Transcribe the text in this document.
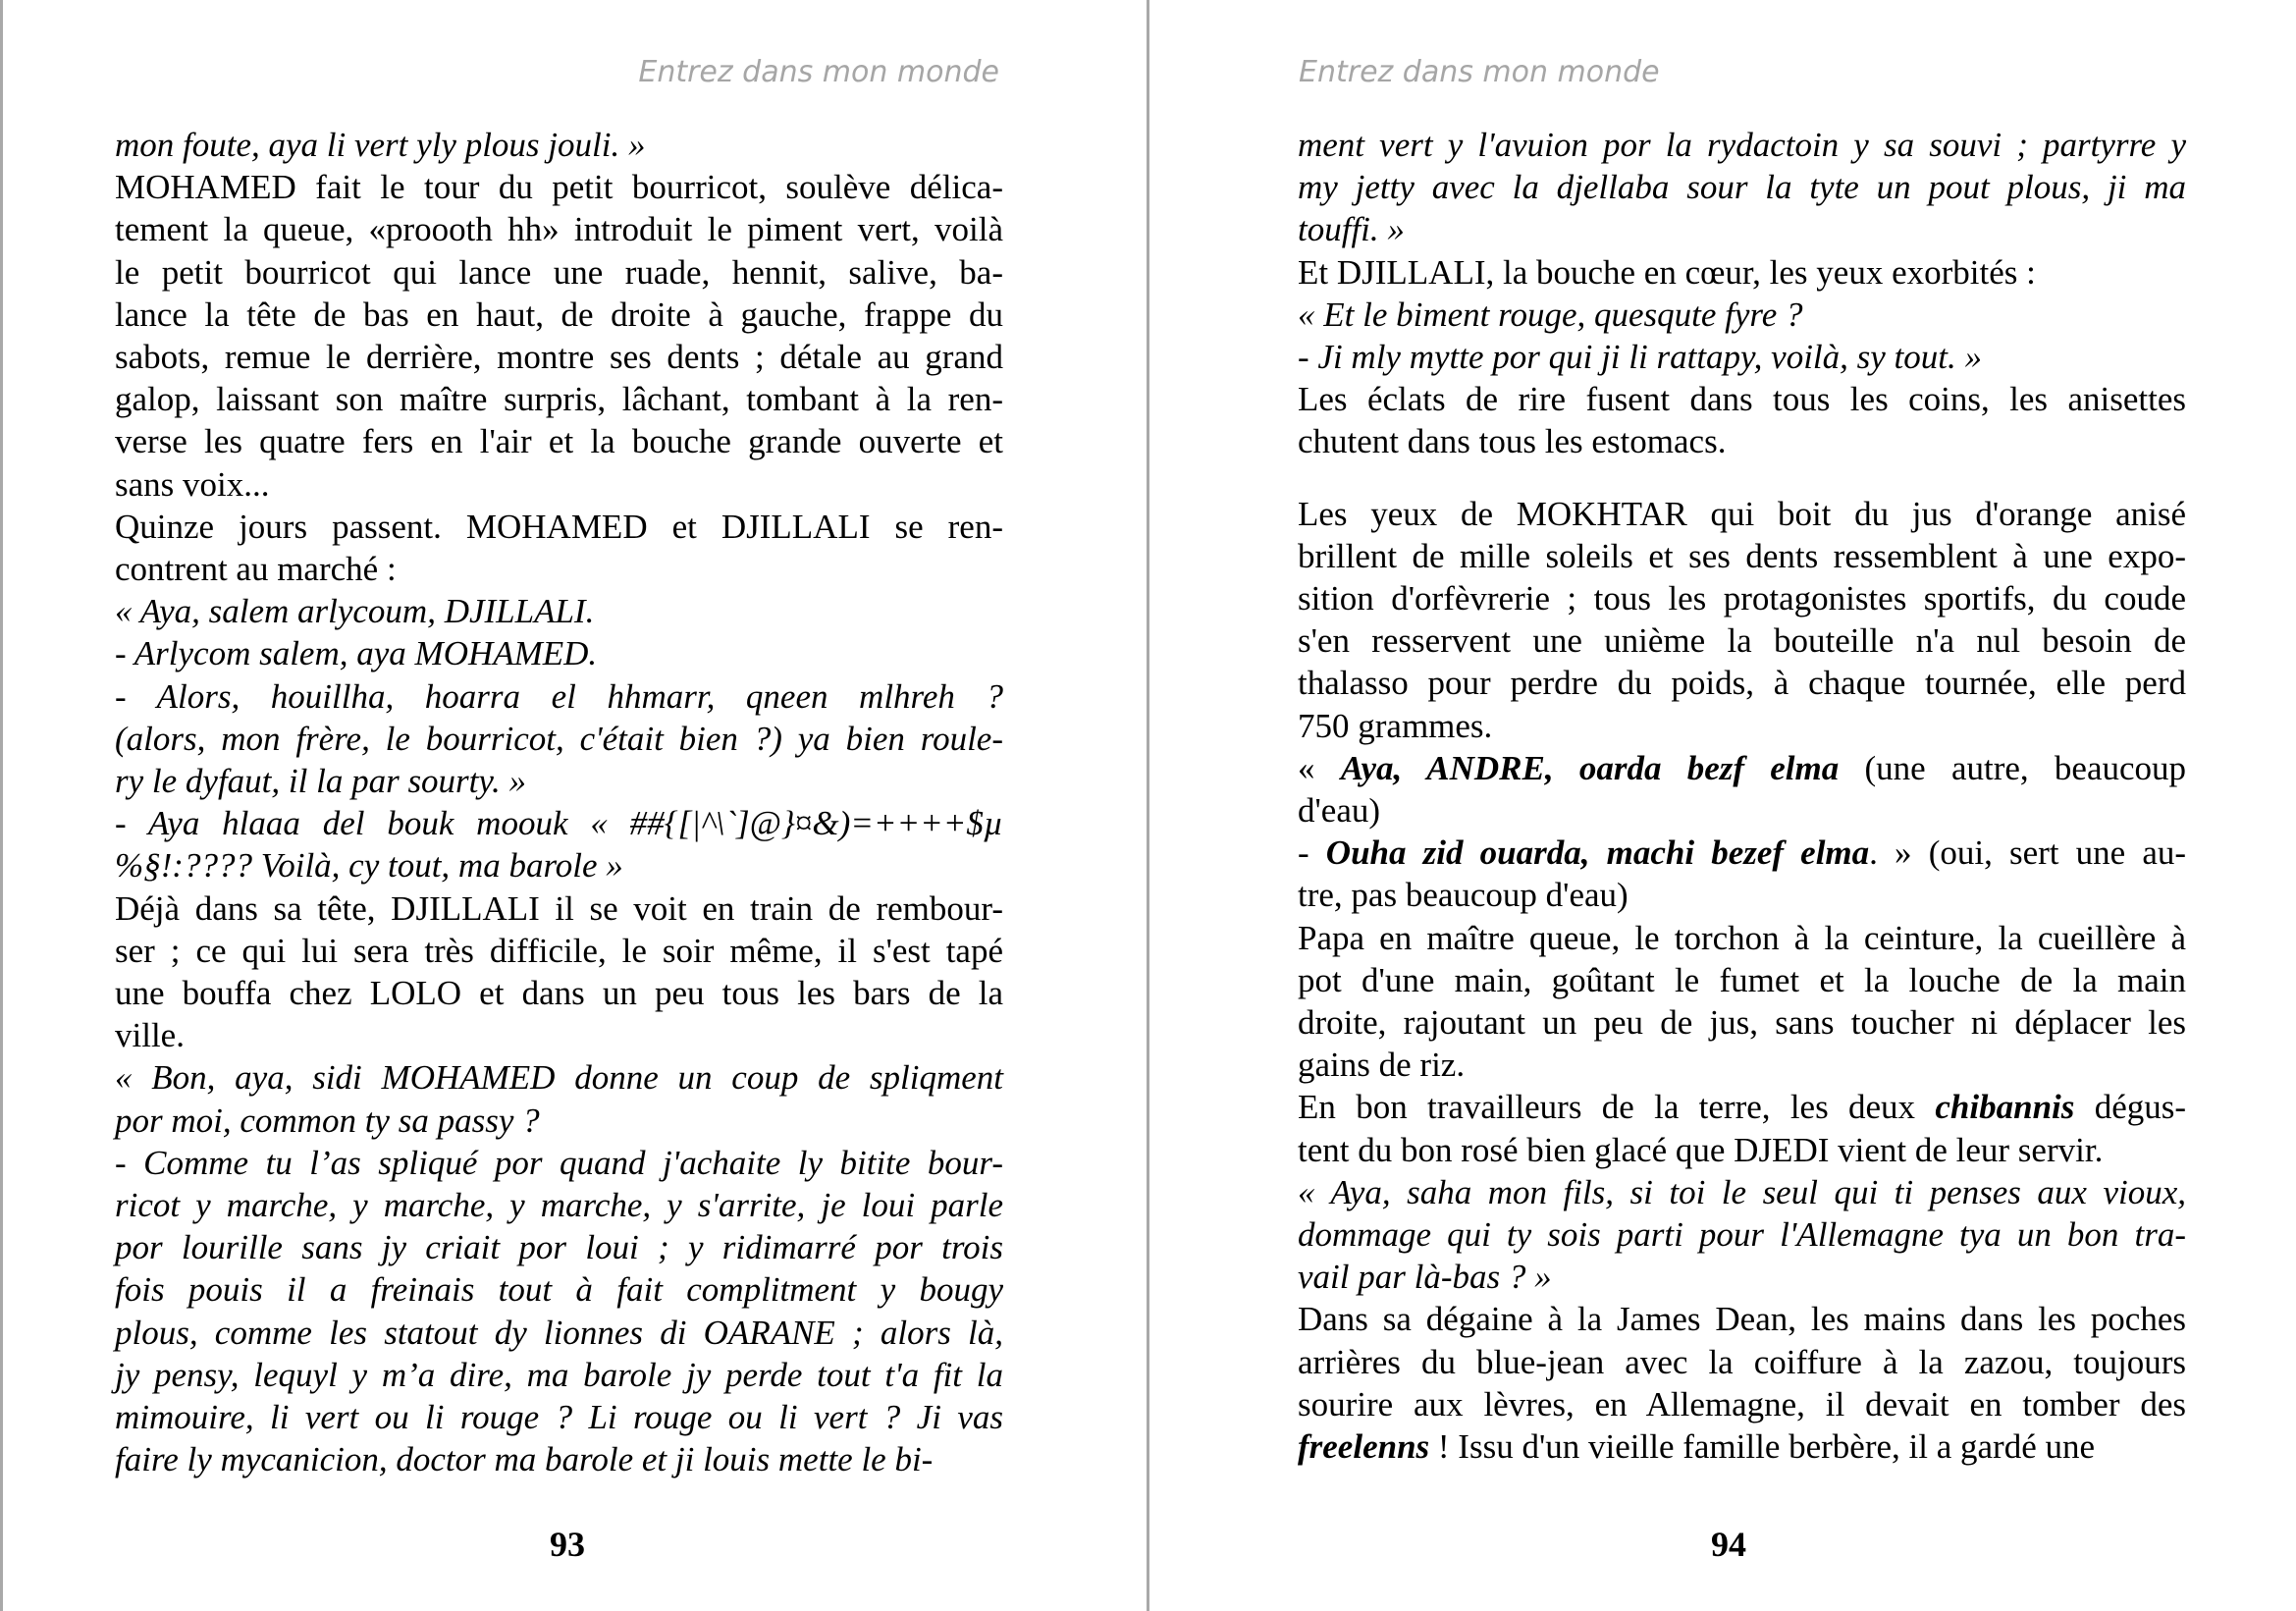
Entrez dans mon monde

mon foute, aya li vert yly plous jouli. »

MOHAMED fait le tour du petit bourricot, soulève délica-

tement la queue, «proooth hh» introduit le piment vert, voilà

le petit bourricot qui lance une ruade, hennit, salive, ba-

lance la tête de bas en haut, de droite à gauche, frappe du

sabots, remue le derrière, montre ses dents ; détale au grand

galop, laissant son maître surpris, lâchant, tombant à la ren-

verse les quatre fers en l'air et la bouche grande ouverte et

sans voix...

Quinze jours passent. MOHAMED et DJILLALI se ren-

contrent au marché :

« Aya, salem arlycoum, DJILLALI.

- Arlycom salem, aya MOHAMED.

- Alors, houillha, hoarra el hhmarr, qneen mlhreh ?

(alors, mon frère, le bourricot, c'était bien ?) ya bien roule-

ry le dyfaut, il la par sourty. »

- Aya hlaaa del bouk moouk « ##{[|^\`]@}¤&)=++++$µ

%§!:???? Voilà, cy tout, ma barole »

Déjà dans sa tête, DJILLALI il se voit en train de rembour-

ser ; ce qui lui sera très difficile, le soir même, il s'est tapé

une bouffa chez LOLO et dans un peu tous les bars de la

ville.

« Bon, aya, sidi MOHAMED donne un coup de spliqment

por moi, common ty sa passy ?

- Comme tu l’as spliqué por quand j'achaite ly bitite bour-

ricot y marche, y marche, y marche, y s'arrite, je loui parle

por lourille sans jy criait por loui ; y ridimarré por trois

fois pouis il a freinais tout à fait complitment y bougy

plous, comme les statout dy lionnes di OARANE ; alors là,

jy pensy, lequyl y m’a dire, ma barole jy perde tout t'a fit la

mimouire, li vert ou li rouge ? Li rouge ou li vert ? Ji vas

faire ly mycanicion, doctor ma barole et ji louis mette le bi-

93
Entrez dans mon monde

ment vert y l'avuion por la rydactoin y sa souvi ; partyrre y

my jetty avec la djellaba sour la tyte un pout plous, ji ma

touffi. »

Et DJILLALI, la bouche en cœur, les yeux exorbités :

« Et le biment rouge, quesqute fyre ?

- Ji mly mytte por qui ji li rattapy, voilà, sy tout. »

Les éclats de rire fusent dans tous les coins, les anisettes

chutent dans tous les estomacs.

Les yeux de MOKHTAR qui boit du jus d'orange anisé

brillent de mille soleils et ses dents ressemblent à une expo-

sition d'orfèvrerie ; tous les protagonistes sportifs, du coude

s'en resservent une unième la bouteille n'a nul besoin de

thalasso pour perdre du poids, à chaque tournée, elle perd

750 grammes.

« Aya, ANDRE, oarda bezf elma (une autre, beaucoup

d'eau)

- Ouha zid ouarda, machi bezef elma. » (oui, sert une au-

tre, pas beaucoup d'eau)

Papa en maître queue, le torchon à la ceinture, la cueillère à

pot d'une main, goûtant le fumet et la louche de la main

droite, rajoutant un peu de jus, sans toucher ni déplacer les

gains de riz.

En bon travailleurs de la terre, les deux chibannis dégus-

tent du bon rosé bien glacé que DJEDI vient de leur servir.

« Aya, saha mon fils, si toi le seul qui ti penses aux vioux,

dommage qui ty sois parti pour l'Allemagne tya un bon tra-

vail par là-bas ? »

Dans sa dégaine à la James Dean, les mains dans les poches

arrières du blue-jean avec la coiffure à la zazou, toujours

sourire aux lèvres, en Allemagne, il devait en tomber des

freelenns ! Issu d'un vieille famille berbère, il a gardé une

94
